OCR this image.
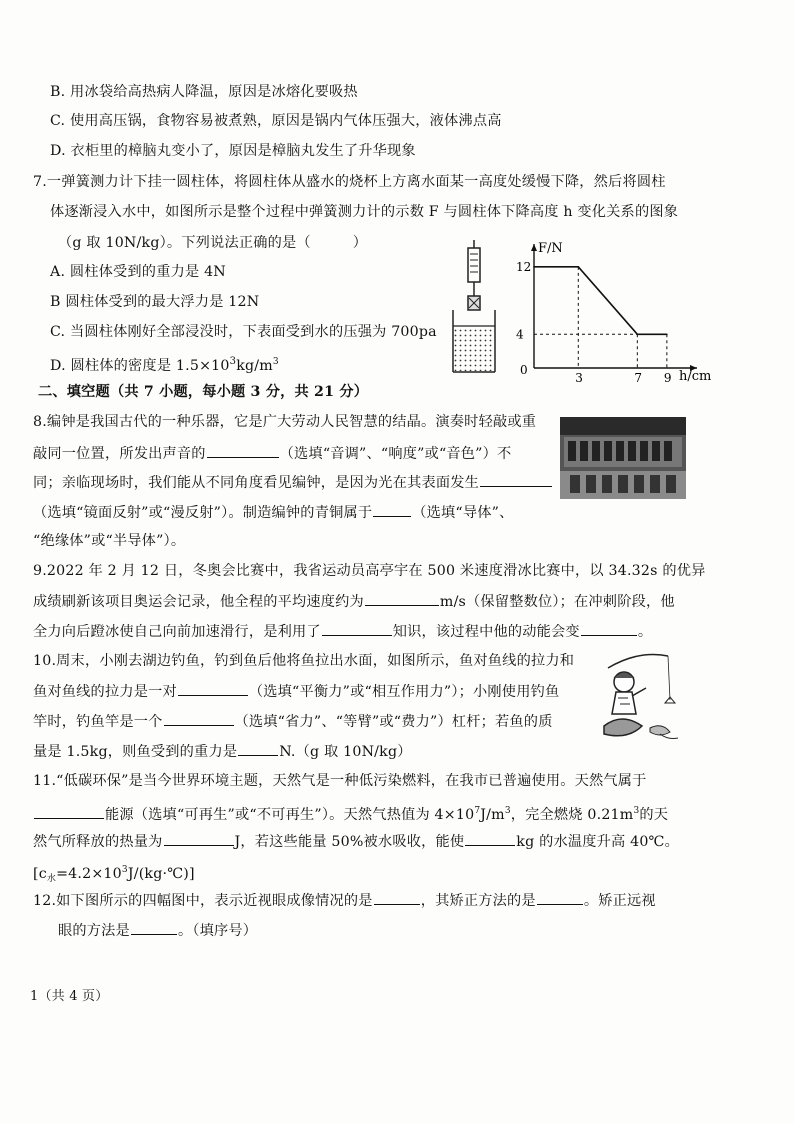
B. 用冰袋给高热病人降温，原因是冰熔化要吸热
C. 使用高压锅，食物容易被煮熟，原因是锅内气体压强大，液体沸点高
D. 衣柜里的樟脑丸变小了，原因是樟脑丸发生了升华现象
7.一弹簧测力计下挂一圆柱体，将圆柱体从盛水的烧杯上方离水面某一高度处缓慢下降，然后将圆柱
体逐渐浸入水中，如图所示是整个过程中弹簧测力计的示数 F 与圆柱体下降高度 h 变化关系的图象
（g 取 10N/kg）。下列说法正确的是（	）
A. 圆柱体受到的重力是 4N
B 圆柱体受到的最大浮力是 12N
C. 当圆柱体刚好全部浸没时，下表面受到水的压强为 700pa
D. 圆柱体的密度是 $1.5\times 10^3kg/m^3$
F/N
h/cm
0
12
4
3	7 9
二、填空题（共 7 小题，每小题 3 分，共 21 分）
8.编钟是我国古代的一种乐器，它是广大劳动人民智慧的结晶。演奏时轻敲或重
敲同一位置，所发出声音的	（选填“音调”、“响度”或“音色”）不
同；亲临现场时，我们能从不同角度看见编钟，是因为光在其表面发生
（选填“镜面反射”或“漫反射”）。制造编钟的青铜属于	（选填“导体”、
“绝缘体”或“半导体”）。
9.2022 年 2 月 12 日，冬奥会比赛中，我省运动员高亭宇在 500 米速度滑冰比赛中，以 34.32s 的优异
成绩刷新该项目奥运会记录，他全程的平均速度约为	m/s（保留整数位）；在冲刺阶段，他
全力向后蹬冰使自己向前加速滑行，是利用了	知识，该过程中他的动能会变	。
10.周末，小刚去湖边钓鱼，钓到鱼后他将鱼拉出水面，如图所示，鱼对鱼线的拉力和
鱼对鱼线的拉力是一对	（选填“平衡力”或“相互作用力”）；小刚使用钓鱼
竿时，钓鱼竿是一个	（选填“省力”、“等臂”或“费力”）杠杆；若鱼的质
量是 1.5kg，则鱼受到的重力是	N.（g 取 10N/kg）
11.“低碳环保”是当今世界环境主题，天然气是一种低污染燃料，在我市已普遍使用。天然气属于
能源（选填“可再生”或“不可再生”）。天然气热值为 $4\times 10^7J/m^3$，完全燃烧 $0.21m^3$的天
然气所释放的热量为	J，若这些能量 50%被水吸收，能使	kg 的水温度升高 40℃。
$[c_水=4.2\times 10^3J/(kg\cdot℃)]$
12.如下图所示的四幅图中，表示近视眼成像情况的是	，其矫正方法的是	。矫正远视
眼的方法是	。（填序号）
1（共 4 页）
